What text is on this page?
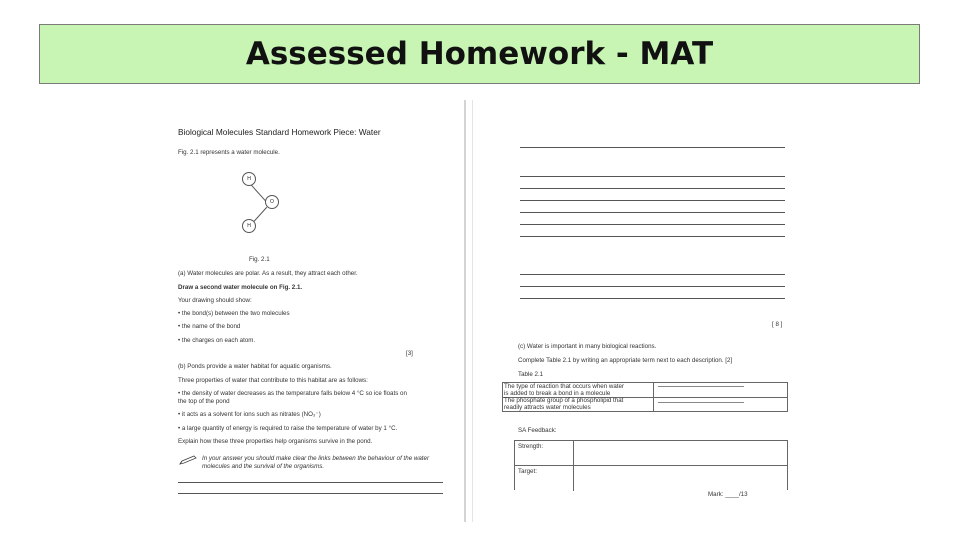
Assessed Homework - MAT
Biological Molecules Standard Homework Piece: Water
Fig. 2.1 represents a water molecule.
H
O
H
Fig. 2.1
(a) Water molecules are polar. As a result, they attract each other.
Draw a second water molecule on Fig. 2.1.
Your drawing should show:
• the bond(s) between the two molecules
• the name of the bond
• the charges on each atom.
[3]
(b) Ponds provide a water habitat for aquatic organisms.
Three properties of water that contribute to this habitat are as follows:
• the density of water decreases as the temperature falls below 4 °C so ice floats on
the top of the pond
• it acts as a solvent for ions such as nitrates (NO₃⁻)
• a large quantity of energy is required to raise the temperature of water by 1 °C.
Explain how these three properties help organisms survive in the pond.
In your answer you should make clear the links between the behaviour of the water
molecules and the survival of the organisms.
[ 8 ]
(c) Water is important in many biological reactions.
Complete Table 2.1 by writing an appropriate term next to each description. [2]
Table 2.1
The type of reaction that occurs when water
is added to break a bond in a molecule
The phosphate group of a phospholipid that
readily attracts water molecules
SA Feedback:
Strength:
Target:
Mark: ____/13
